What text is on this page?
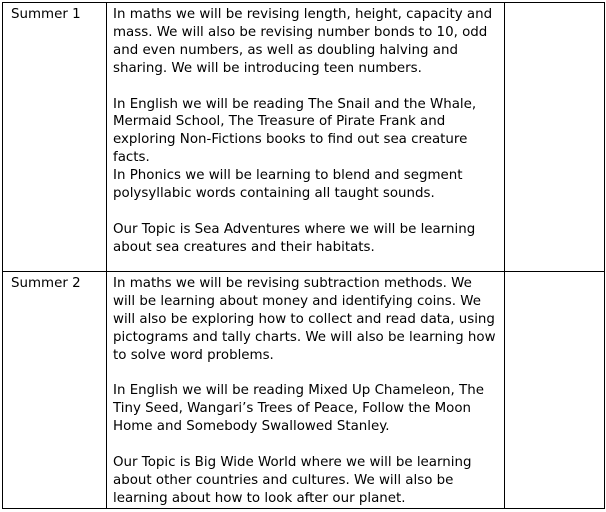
Summer 1	In maths we will be revising length, height, capacity and mass. We will also be revising number bonds to 10, odd and even numbers, as well as doubling halving and sharing. We will be introducing teen numbers.

In English we will be reading The Snail and the Whale, Mermaid School, The Treasure of Pirate Frank and exploring Non-Fictions books to find out sea creature facts.

In Phonics we will be learning to blend and segment polysyllabic words containing all taught sounds.

Our Topic is Sea Adventures where we will be learning about sea creatures and their habitats.	

Summer 2	In maths we will be revising subtraction methods. We will be learning about money and identifying coins. We will also be exploring how to collect and read data, using pictograms and tally charts. We will also be learning how to solve word problems.

In English we will be reading Mixed Up Chameleon, The Tiny Seed, Wangari’s Trees of Peace, Follow the Moon Home and Somebody Swallowed Stanley.

Our Topic is Big Wide World where we will be learning about other countries and cultures. We will also be learning about how to look after our planet.	
